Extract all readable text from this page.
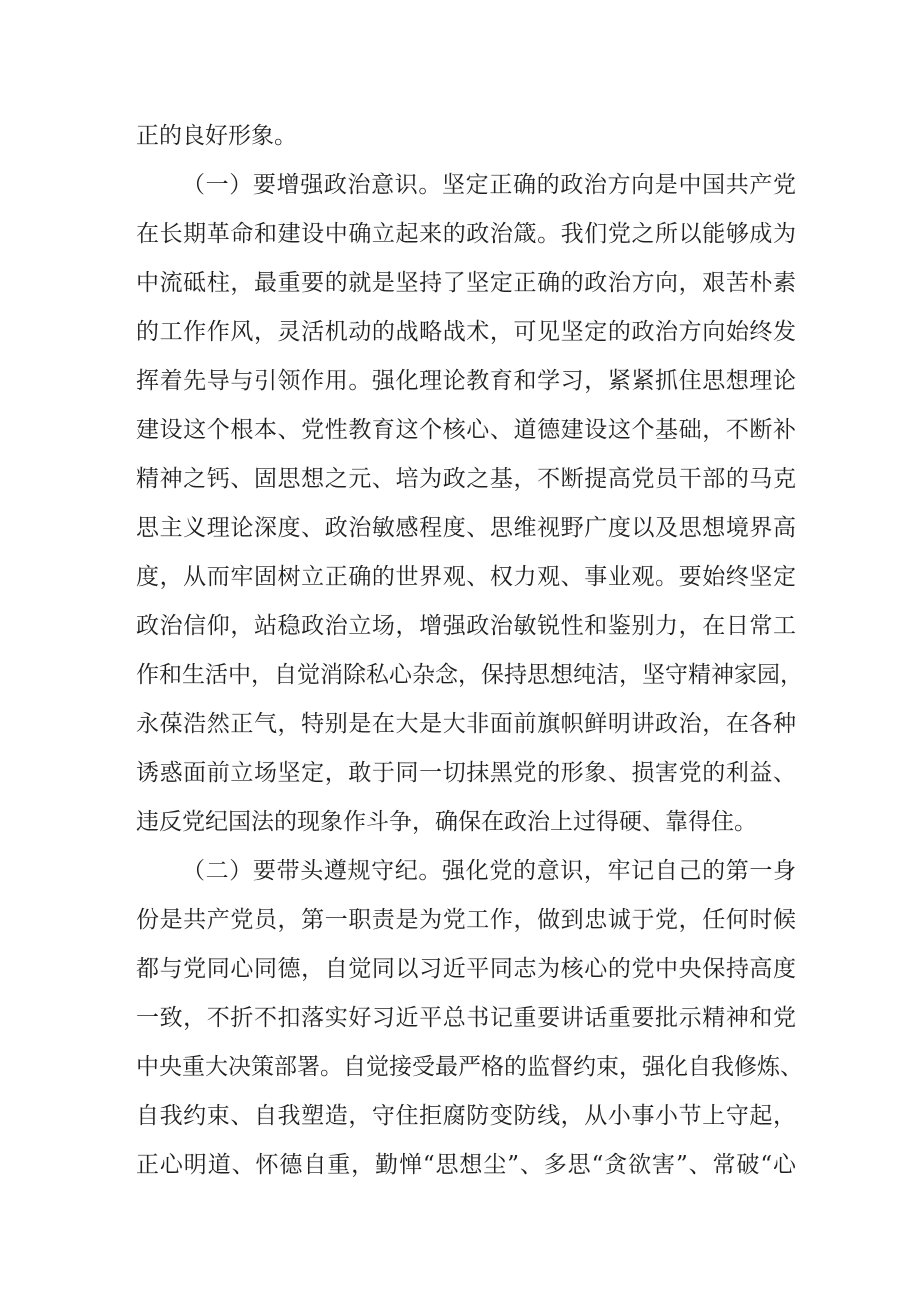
正的良好形象。
（一）要增强政治意识。坚定正确的政治方向是中国共产党
在长期革命和建设中确立起来的政治箴。我们党之所以能够成为
中流砥柱，最重要的就是坚持了坚定正确的政治方向，艰苦朴素
的工作作风，灵活机动的战略战术，可见坚定的政治方向始终发
挥着先导与引领作用。强化理论教育和学习，紧紧抓住思想理论
建设这个根本、党性教育这个核心、道德建设这个基础，不断补
精神之钙、固思想之元、培为政之基，不断提高党员干部的马克
思主义理论深度、政治敏感程度、思维视野广度以及思想境界高
度，从而牢固树立正确的世界观、权力观、事业观。要始终坚定
政治信仰，站稳政治立场，增强政治敏锐性和鉴别力，在日常工
作和生活中，自觉消除私心杂念，保持思想纯洁，坚守精神家园，
永葆浩然正气，特别是在大是大非面前旗帜鲜明讲政治，在各种
诱惑面前立场坚定，敢于同一切抹黑党的形象、损害党的利益、
违反党纪国法的现象作斗争，确保在政治上过得硬、靠得住。
（二）要带头遵规守纪。强化党的意识，牢记自己的第一身
份是共产党员，第一职责是为党工作，做到忠诚于党，任何时候
都与党同心同德，自觉同以习近平同志为核心的党中央保持高度
一致，不折不扣落实好习近平总书记重要讲话重要批示精神和党
中央重大决策部署。自觉接受最严格的监督约束，强化自我修炼、
自我约束、自我塑造，守住拒腐防变防线，从小事小节上守起，
正心明道、怀德自重，勤惮“思想尘”、多思“贪欲害”、常破“心
